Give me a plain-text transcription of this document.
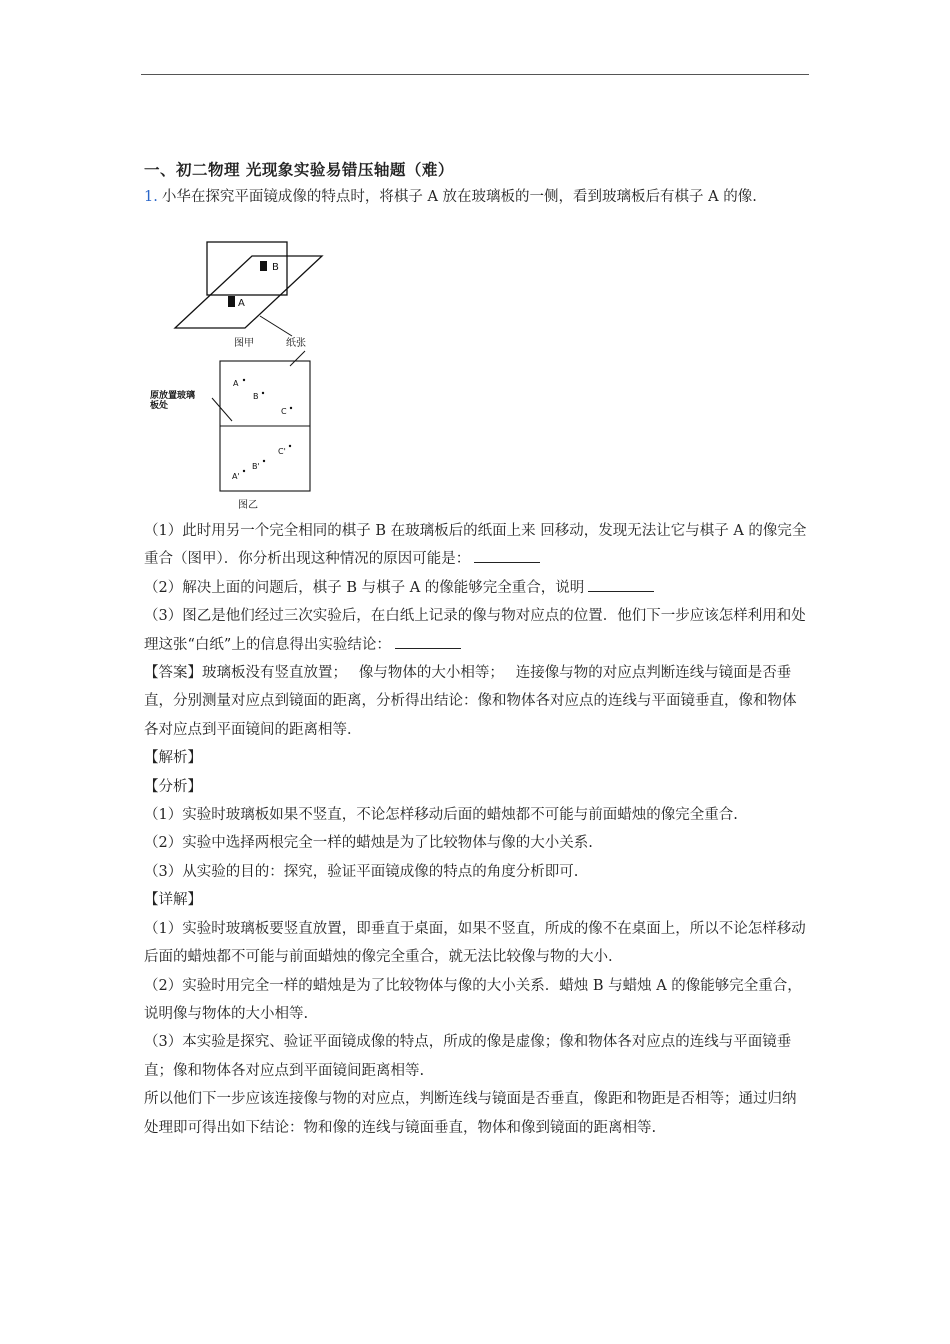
一、初二物理 光现象实验易错压轴题（难）
1. 小华在探究平面镜成像的特点时，将棋子 A 放在玻璃板的一侧，看到玻璃板后有棋子 A 的像.
B
A
图甲	纸张
原放置玻璃
板处
A
B
C
C'
B'
A'
图乙

（1）此时用另一个完全相同的棋子 B 在玻璃板后的纸面上来 回移动，发现无法让它与棋子 A 的像完全重合（图甲）．你分析出现这种情况的原因可能是：

（2）解决上面的问题后，棋子 B 与棋子 A 的像能够完全重合，说明

（3）图乙是他们经过三次实验后，在白纸上记录的像与物对应点的位置．他们下一步应该怎样利用和处理这张“白纸”上的信息得出实验结论：

【答案】玻璃板没有竖直放置；　 像与物体的大小相等；　 连接像与物的对应点判断连线与镜面是否垂直，分别测量对应点到镜面的距离，分析得出结论：像和物体各对应点的连线与平面镜垂直，像和物体各对应点到平面镜间的距离相等．

【解析】

【分析】

（1）实验时玻璃板如果不竖直，不论怎样移动后面的蜡烛都不可能与前面蜡烛的像完全重合.

（2）实验中选择两根完全一样的蜡烛是为了比较物体与像的大小关系.

（3）从实验的目的：探究，验证平面镜成像的特点的角度分析即可.

【详解】

（1）实验时玻璃板要竖直放置，即垂直于桌面，如果不竖直，所成的像不在桌面上，所以不论怎样移动后面的蜡烛都不可能与前面蜡烛的像完全重合，就无法比较像与物的大小.

（2）实验时用完全一样的蜡烛是为了比较物体与像的大小关系．蜡烛 B 与蜡烛 A 的像能够完全重合，说明像与物体的大小相等.

（3）本实验是探究、验证平面镜成像的特点，所成的像是虚像；像和物体各对应点的连线与平面镜垂直；像和物体各对应点到平面镜间距离相等.

所以他们下一步应该连接像与物的对应点，判断连线与镜面是否垂直，像距和物距是否相等；通过归纳处理即可得出如下结论：物和像的连线与镜面垂直，物体和像到镜面的距离相等.
